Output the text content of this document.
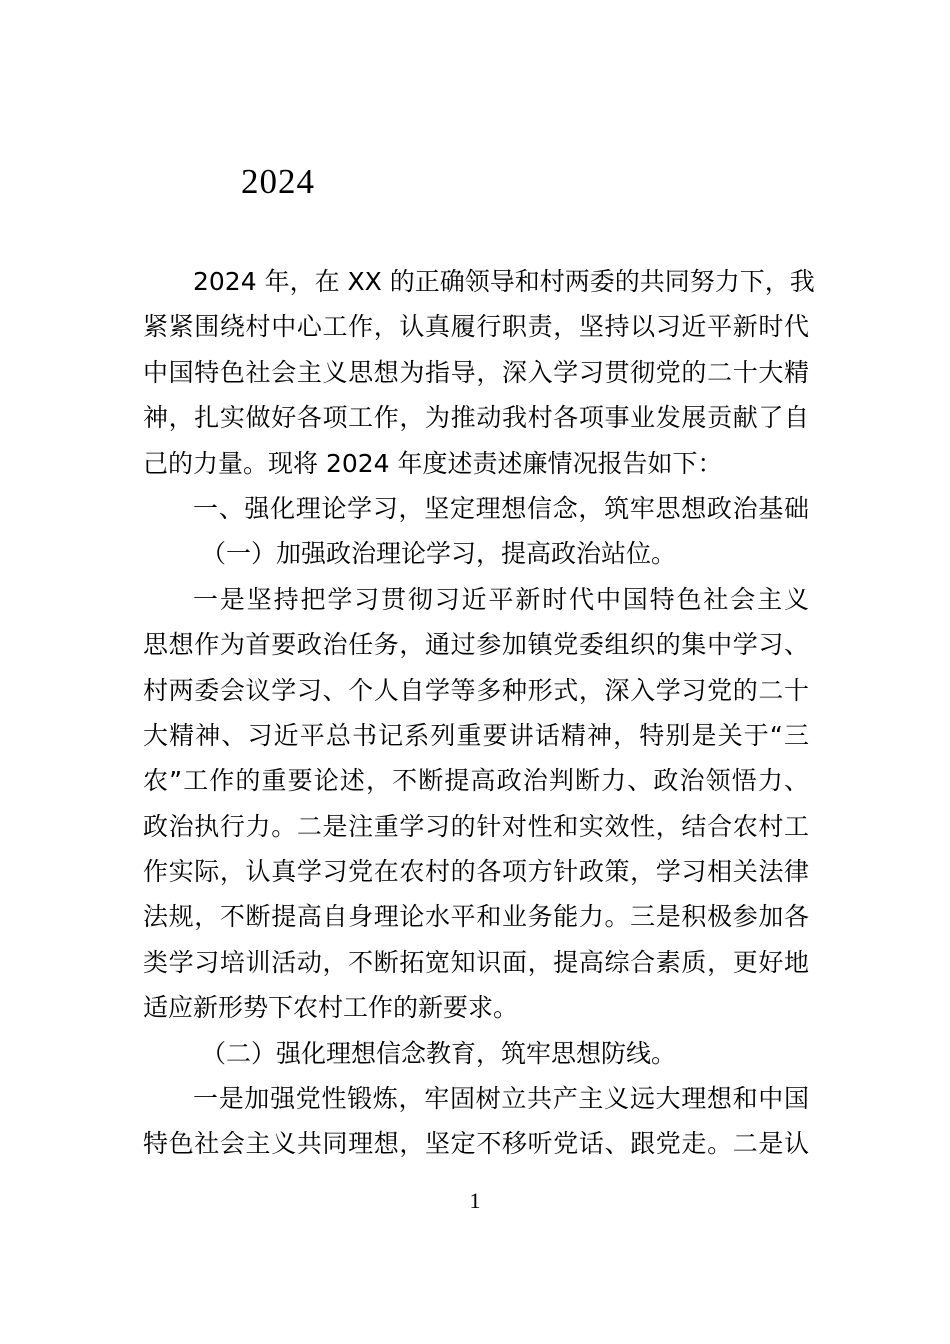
2024
2024 年，在 XX 的正确领导和村两委的共同努力下，我
紧紧围绕村中心工作，认真履行职责，坚持以习近平新时代
中国特色社会主义思想为指导，深入学习贯彻党的二十大精
神，扎实做好各项工作，为推动我村各项事业发展贡献了自
己的力量。现将 2024 年度述责述廉情况报告如下：
一、强化理论学习，坚定理想信念，筑牢思想政治基础
（一）加强政治理论学习，提高政治站位。
一是坚持把学习贯彻习近平新时代中国特色社会主义
思想作为首要政治任务，通过参加镇党委组织的集中学习、
村两委会议学习、个人自学等多种形式，深入学习党的二十
大精神、习近平总书记系列重要讲话精神，特别是关于“三
农”工作的重要论述，不断提高政治判断力、政治领悟力、
政治执行力。二是注重学习的针对性和实效性，结合农村工
作实际，认真学习党在农村的各项方针政策，学习相关法律
法规，不断提高自身理论水平和业务能力。三是积极参加各
类学习培训活动，不断拓宽知识面，提高综合素质，更好地
适应新形势下农村工作的新要求。
（二）强化理想信念教育，筑牢思想防线。
一是加强党性锻炼，牢固树立共产主义远大理想和中国
特色社会主义共同理想，坚定不移听党话、跟党走。二是认
1
